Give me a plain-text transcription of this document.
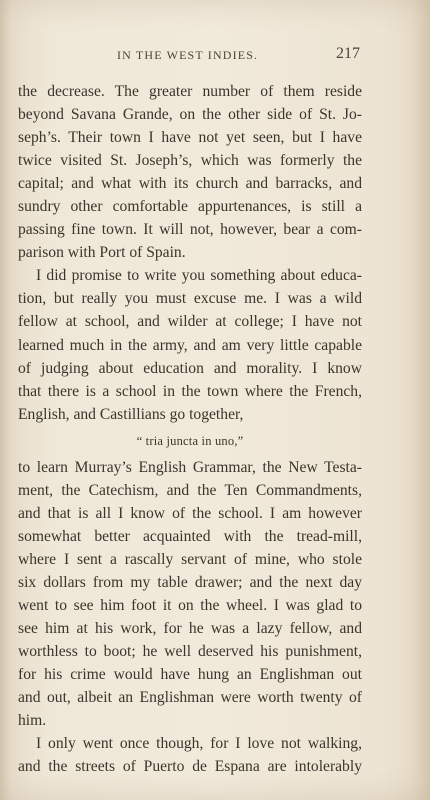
IN THE WEST INDIES.	217
the decrease. The greater number of them reside
beyond Savana Grande, on the other side of St. Jo-
seph’s. Their town I have not yet seen, but I have
twice visited St. Joseph’s, which was formerly the
capital; and what with its church and barracks, and
sundry other comfortable appurtenances, is still a
passing fine town. It will not, however, bear a com-
parison with Port of Spain.
I did promise to write you something about educa-
tion, but really you must excuse me. I was a wild
fellow at school, and wilder at college; I have not
learned much in the army, and am very little capable
of judging about education and morality. I know
that there is a school in the town where the French,
English, and Castillians go together,
“ tria juncta in uno,”
to learn Murray’s English Grammar, the New Testa-
ment, the Catechism, and the Ten Commandments,
and that is all I know of the school. I am however
somewhat better acquainted with the tread-mill,
where I sent a rascally servant of mine, who stole
six dollars from my table drawer; and the next day
went to see him foot it on the wheel. I was glad to
see him at his work, for he was a lazy fellow, and
worthless to boot; he well deserved his punishment,
for his crime would have hung an Englishman out
and out, albeit an Englishman were worth twenty of
him.
I only went once though, for I love not walking,
and the streets of Puerto de Espana are intolerably
